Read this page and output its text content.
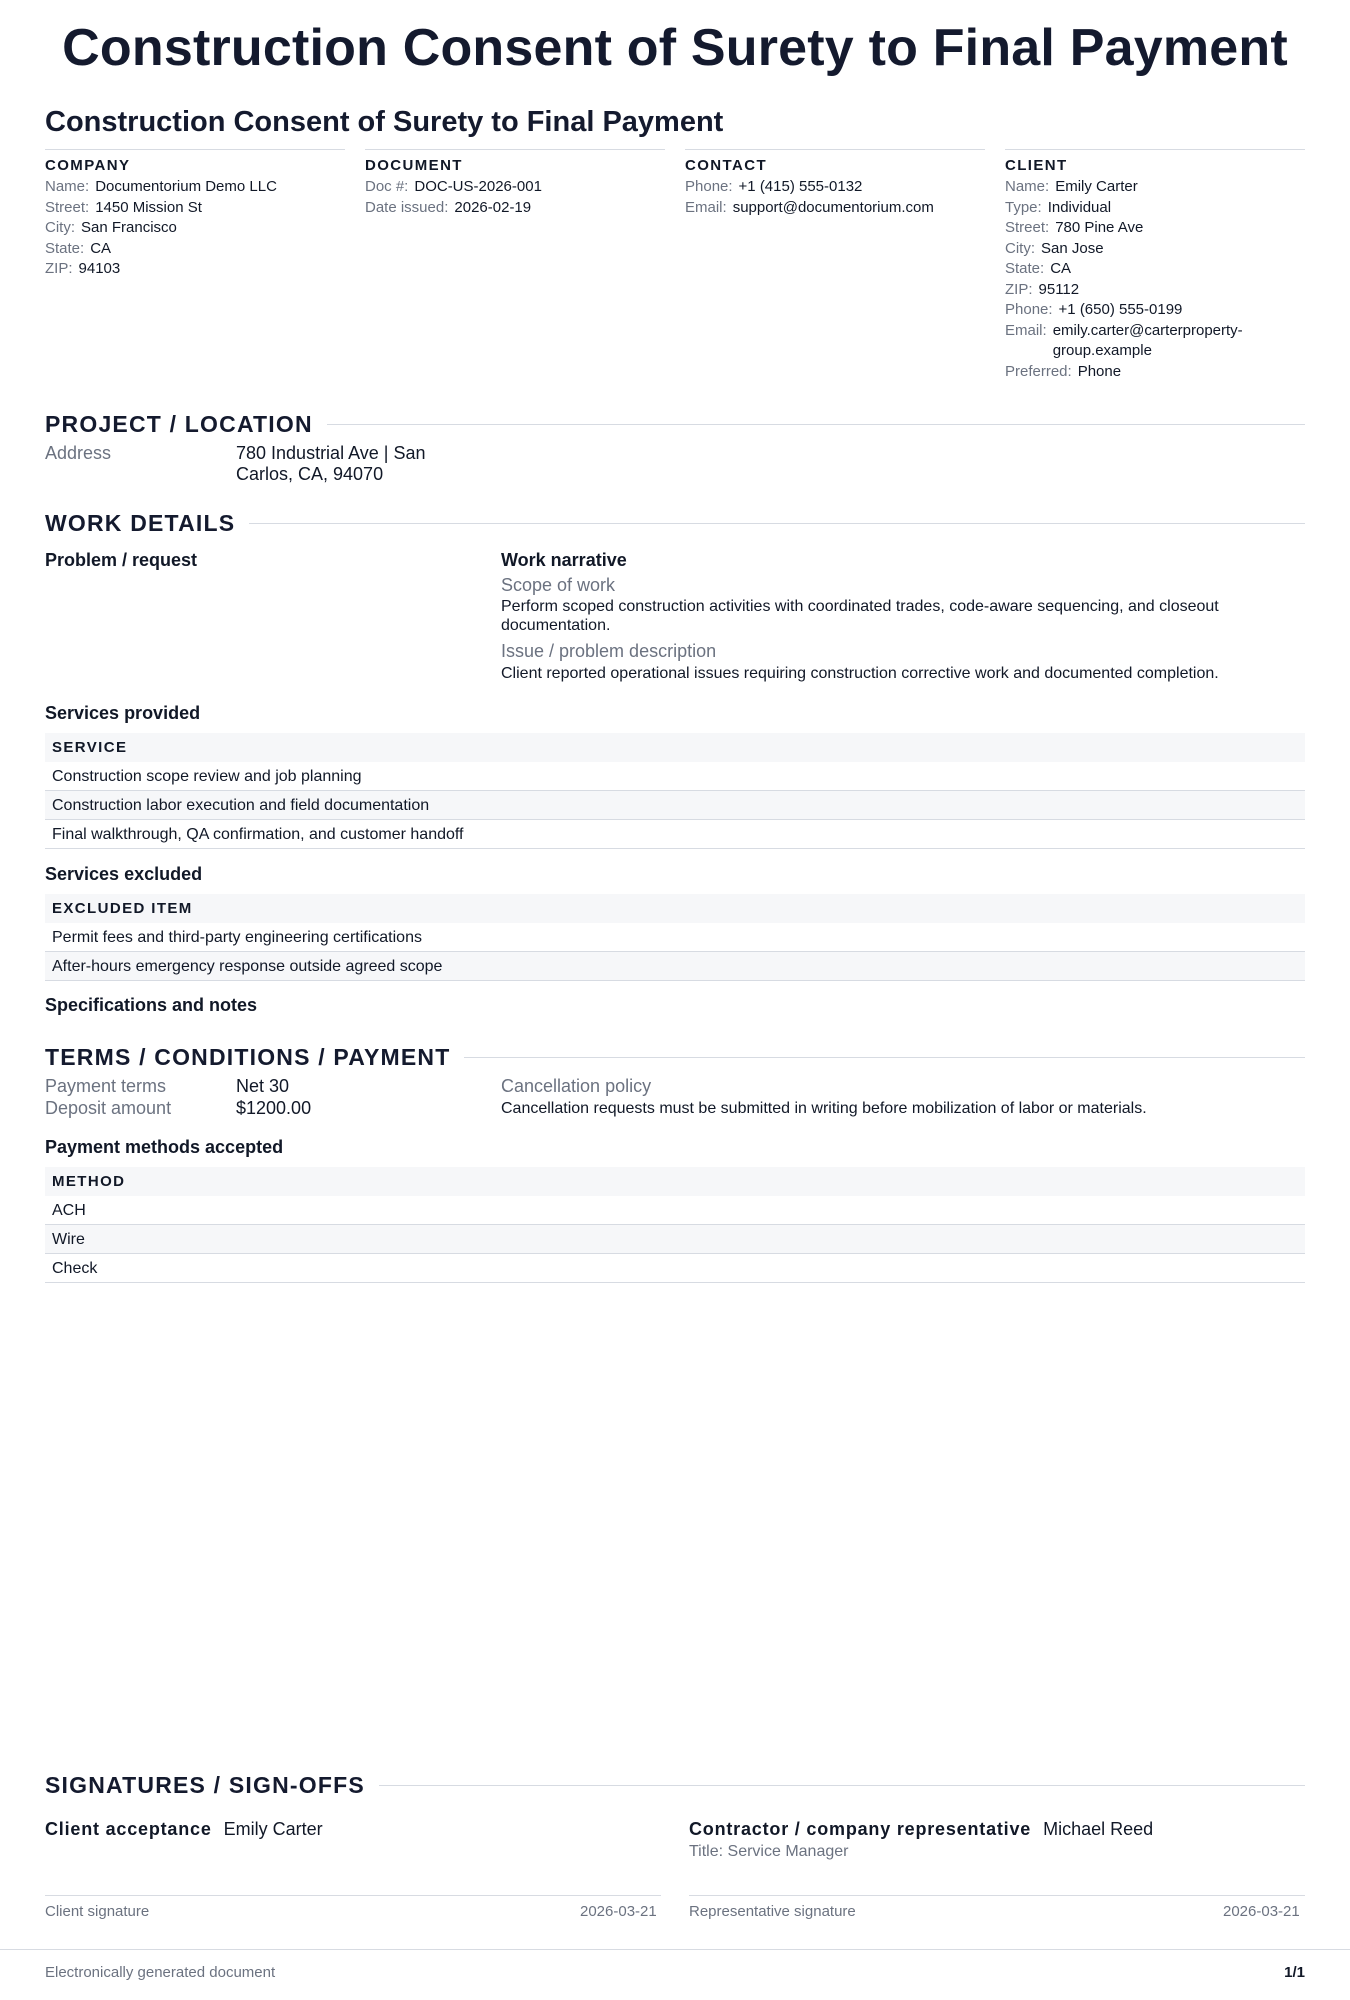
Construction Consent of Surety to Final Payment
Construction Consent of Surety to Final Payment
COMPANY
Name: Documentorium Demo LLC
Street: 1450 Mission St
City: San Francisco
State: CA
ZIP: 94103
DOCUMENT
Doc #: DOC-US-2026-001
Date issued: 2026-02-19
CONTACT
Phone: +1 (415) 555-0132
Email: support@documentorium.com
CLIENT
Name: Emily Carter
Type: Individual
Street: 780 Pine Ave
City: San Jose
State: CA
ZIP: 95112
Phone: +1 (650) 555-0199
Email: emily.carter@carterproperty-group.example
Preferred: Phone
PROJECT / LOCATION
Address	780 Industrial Ave | San Carlos, CA, 94070
WORK DETAILS
Problem / request	Work narrative
Scope of work
Perform scoped construction activities with coordinated trades, code-aware sequencing, and closeout documentation.
Issue / problem description
Client reported operational issues requiring construction corrective work and documented completion.
Services provided
SERVICE
Construction scope review and job planning
Construction labor execution and field documentation
Final walkthrough, QA confirmation, and customer handoff
Services excluded
EXCLUDED ITEM
Permit fees and third-party engineering certifications
After-hours emergency response outside agreed scope
Specifications and notes
TERMS / CONDITIONS / PAYMENT
Payment terms	Net 30
Deposit amount	$1200.00
Cancellation policy
Cancellation requests must be submitted in writing before mobilization of labor or materials.
Payment methods accepted
METHOD
ACH
Wire
Check
SIGNATURES / SIGN-OFFS
Client acceptance Emily Carter	Contractor / company representative Michael Reed
Title: Service Manager
Client signature	2026-03-21 Representative signature	2026-03-21
Electronically generated document	1/1
